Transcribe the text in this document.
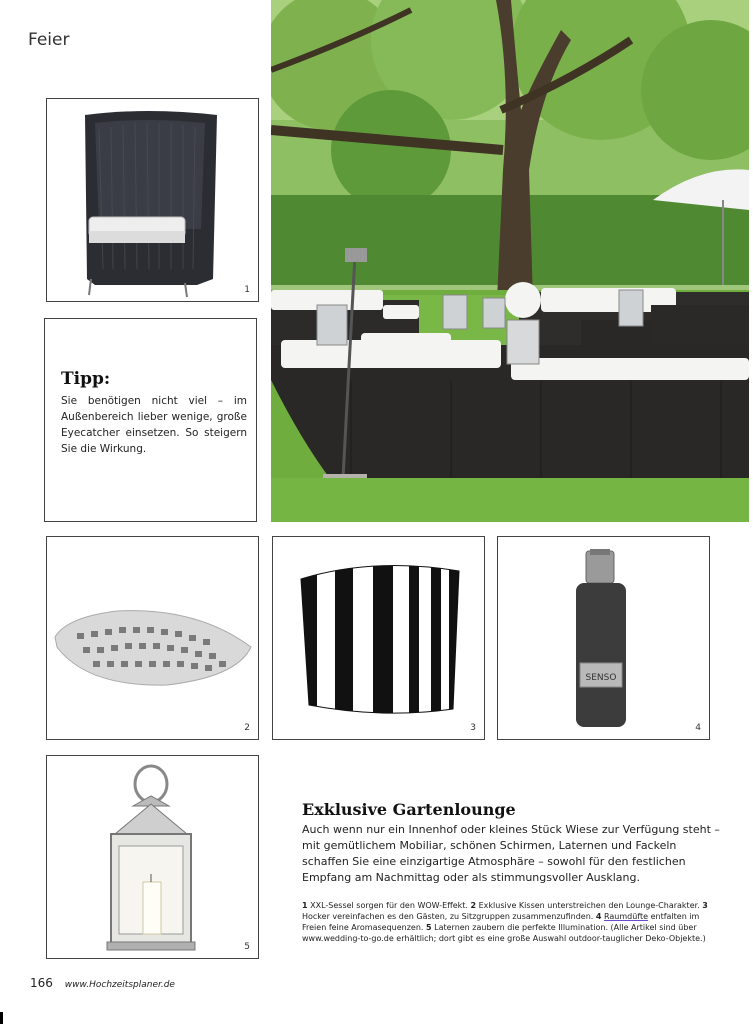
Feier
1
Tipp:
Sie benötigen nicht viel – im Außenbereich lieber wenige, große Eyecatcher einsetzen. So steigern Sie die Wirkung.
2	3
SENSO
4
5
Exklusive Gartenlounge

Auch wenn nur ein Innenhof oder kleines Stück Wiese zur Verfügung steht – mit gemütlichem Mobiliar, schönen Schirmen, Laternen und Fackeln schaffen Sie eine einzigartige Atmosphäre – sowohl für den festlichen Empfang am Nachmittag oder als stimmungsvoller Ausklang.

1 XXL-Sessel sorgen für den WOW-Effekt. 2 Exklusive Kissen unterstreichen den Lounge-Charakter. 3 Hocker vereinfachen es den Gästen, zu Sitzgruppen zusammenzufinden. 4 Raumdüfte entfalten im Freien feine Aromasequenzen. 5 Laternen zaubern die perfekte Illumination. (Alle Artikel sind über www.wedding-to-go.de erhältlich; dort gibt es eine große Auswahl outdoor-tauglicher Deko-Objekte.)

166 www.Hochzeitsplaner.de
